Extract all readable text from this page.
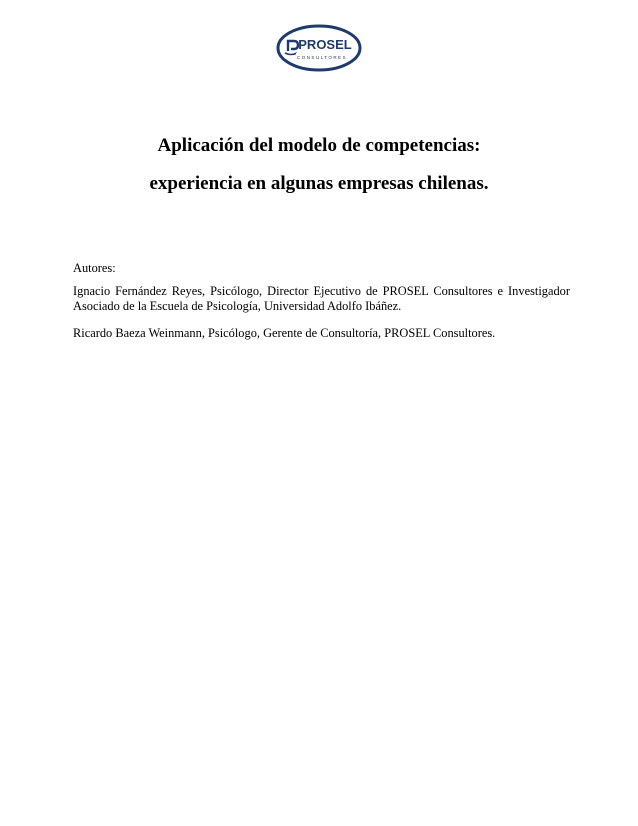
PROSEL
CONSULTORES
Aplicación del modelo de competencias:
experiencia en algunas empresas chilenas.
Autores:
Ignacio Fernández Reyes, Psicólogo, Director Ejecutivo de PROSEL Consultores e Investigador Asociado de la Escuela de Psicología, Universidad Adolfo Ibáñez.
Ricardo Baeza Weinmann, Psicólogo, Gerente de Consultoría, PROSEL Consultores.
